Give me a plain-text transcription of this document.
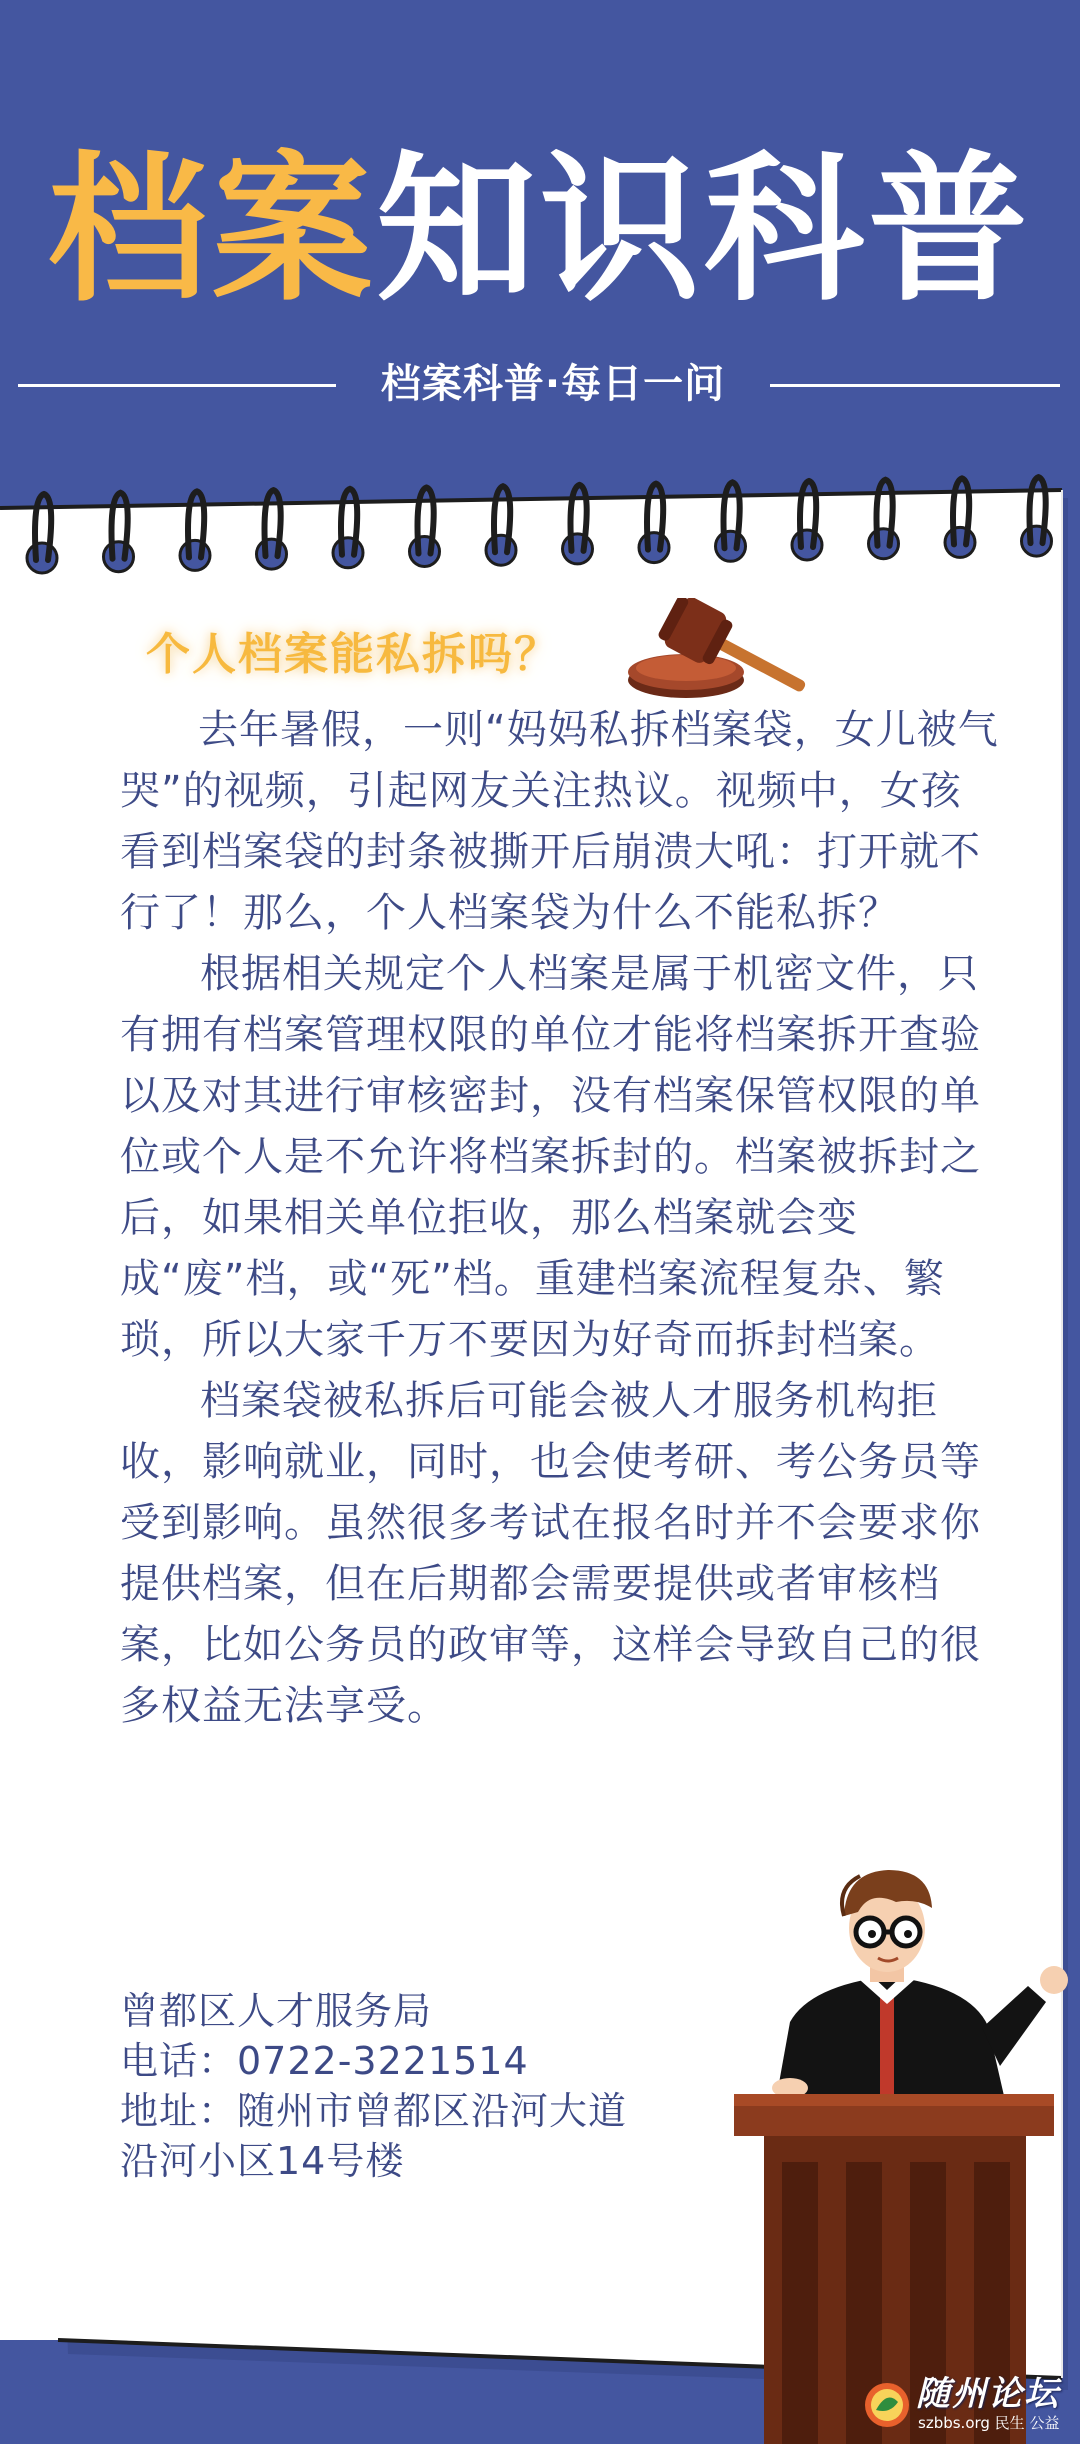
档案知识科普
档案科普·每日一问
个人档案能私拆吗？

去年暑假，一则“妈妈私拆档案袋，女儿被气哭”的视频，引起网友关注热议。视频中，女孩看到档案袋的封条被撕开后崩溃大吼：打开就不行了！那么，个人档案袋为什么不能私拆？

根据相关规定个人档案是属于机密文件，只有拥有档案管理权限的单位才能将档案拆开查验以及对其进行审核密封，没有档案保管权限的单位或个人是不允许将档案拆封的。档案被拆封之后，如果相关单位拒收，那么档案就会变成“废”档，或“死”档。重建档案流程复杂、繁琐，所以大家千万不要因为好奇而拆封档案。

档案袋被私拆后可能会被人才服务机构拒收，影响就业，同时，也会使考研、考公务员等受到影响。虽然很多考试在报名时并不会要求你提供档案，但在后期都会需要提供或者审核档案，比如公务员的政审等，这样会导致自己的很多权益无法享受。

曾都区人才服务局
电话：0722-3221514
地址：随州市曾都区沿河大道
沿河小区14号楼
随州论坛
szbbs.org 民生 公益
